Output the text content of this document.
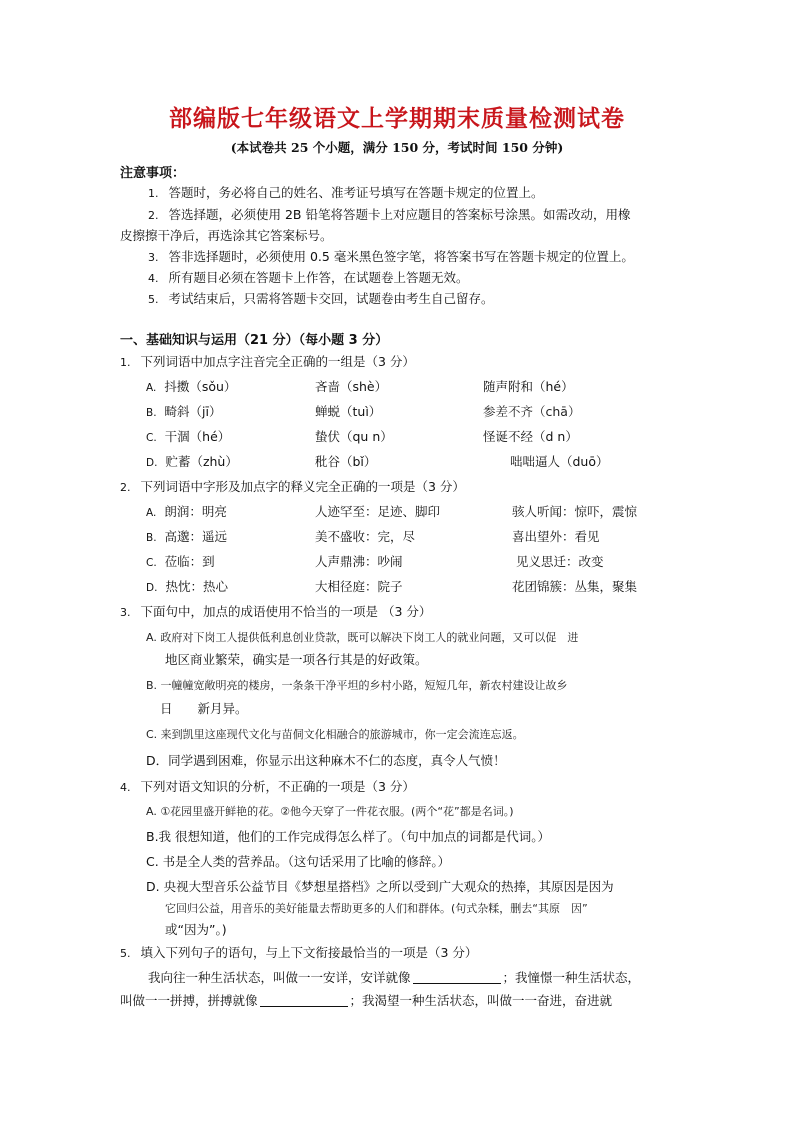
部编版七年级语文上学期期末质量检测试卷
(本试卷共 25 个小题，满分 150 分，考试时间 150 分钟)
注意事项：
1. 答题时，务必将自己的姓名、准考证号填写在答题卡规定的位置上。
2. 答选择题，必须使用 2B 铅笔将答题卡上对应题目的答案标号涂黑。如需改动，用橡
皮擦擦干净后，再选涂其它答案标号。
3. 答非选择题时，必须使用 0.5 毫米黑色签字笔，将答案书写在答题卡规定的位置上。
4. 所有题目必须在答题卡上作答，在试题卷上答题无效。
5. 考试结束后，只需将答题卡交回，试题卷由考生自己留存。
一、基础知识与运用（21 分）（每小题 3 分）
1. 下列词语中加点字注音完全正确的一组是（3 分）
A. 抖擞（sǒu）	吝啬（shè）	随声附和（hé）
B. 畸斜（jī）	蝉蜕（tuì）	参差不齐（chā）
C. 干涸（hé）	蛰伏（qu n）	怪诞不经（d n）
D. 贮蓄（zhù）	秕谷（bǐ）	咄咄逼人（duō）
2. 下列词语中字形及加点字的释义完全正确的一项是（3 分）
A. 朗润：明亮	人迹罕至：足迹、脚印	骇人听闻：惊吓，震惊
B. 高邈：遥远	美不盛收：完，尽	喜出望外：看见
C. 莅临：到	人声鼎沸：吵闹	见义思迁：改变
D. 热忱：热心	大相径庭：院子	花团锦簇：丛集，聚集
3. 下面句中，加点的成语使用不恰当的一项是 （3 分）
A. 政府对下岗工人提供低利息创业贷款，既可以解决下岗工人的就业问题，又可以促　进
地区商业繁荣，确实是一项各行其是的好政策。
B. 一幢幢宽敞明亮的楼房，一条条干净平坦的乡村小路，短短几年，新农村建设让故乡
日　　新月异。
C. 来到凯里这座现代文化与苗侗文化相融合的旅游城市，你一定会流连忘返。
D．同学遇到困难，你显示出这种麻木不仁的态度，真令人气愤！
4. 下列对语文知识的分析，不正确的一项是（3 分）
A. ①花园里盛开鲜艳的花。②他今天穿了一件花衣服。(两个“花”都是名词。)
B.我 很想知道，他们的工作完成得怎么样了。（句中加点的词都是代词。）
C. 书是全人类的营养品。（这句话采用了比喻的修辞。）
D. 央视大型音乐公益节目《梦想星搭档》之所以受到广大观众的热捧，其原因是因为
它回归公益，用音乐的美好能量去帮助更多的人们和群体。(句式杂糅，删去“其原　因”
或“因为”。)
5. 填入下列句子的语句，与上下文衔接最恰当的一项是（3 分）
我向往一种生活状态，叫做一一安详，安详就像	；我憧憬一种生活状态，
叫做一一拼搏，拼搏就像	；我渴望一种生活状态，叫做一一奋进，奋进就
